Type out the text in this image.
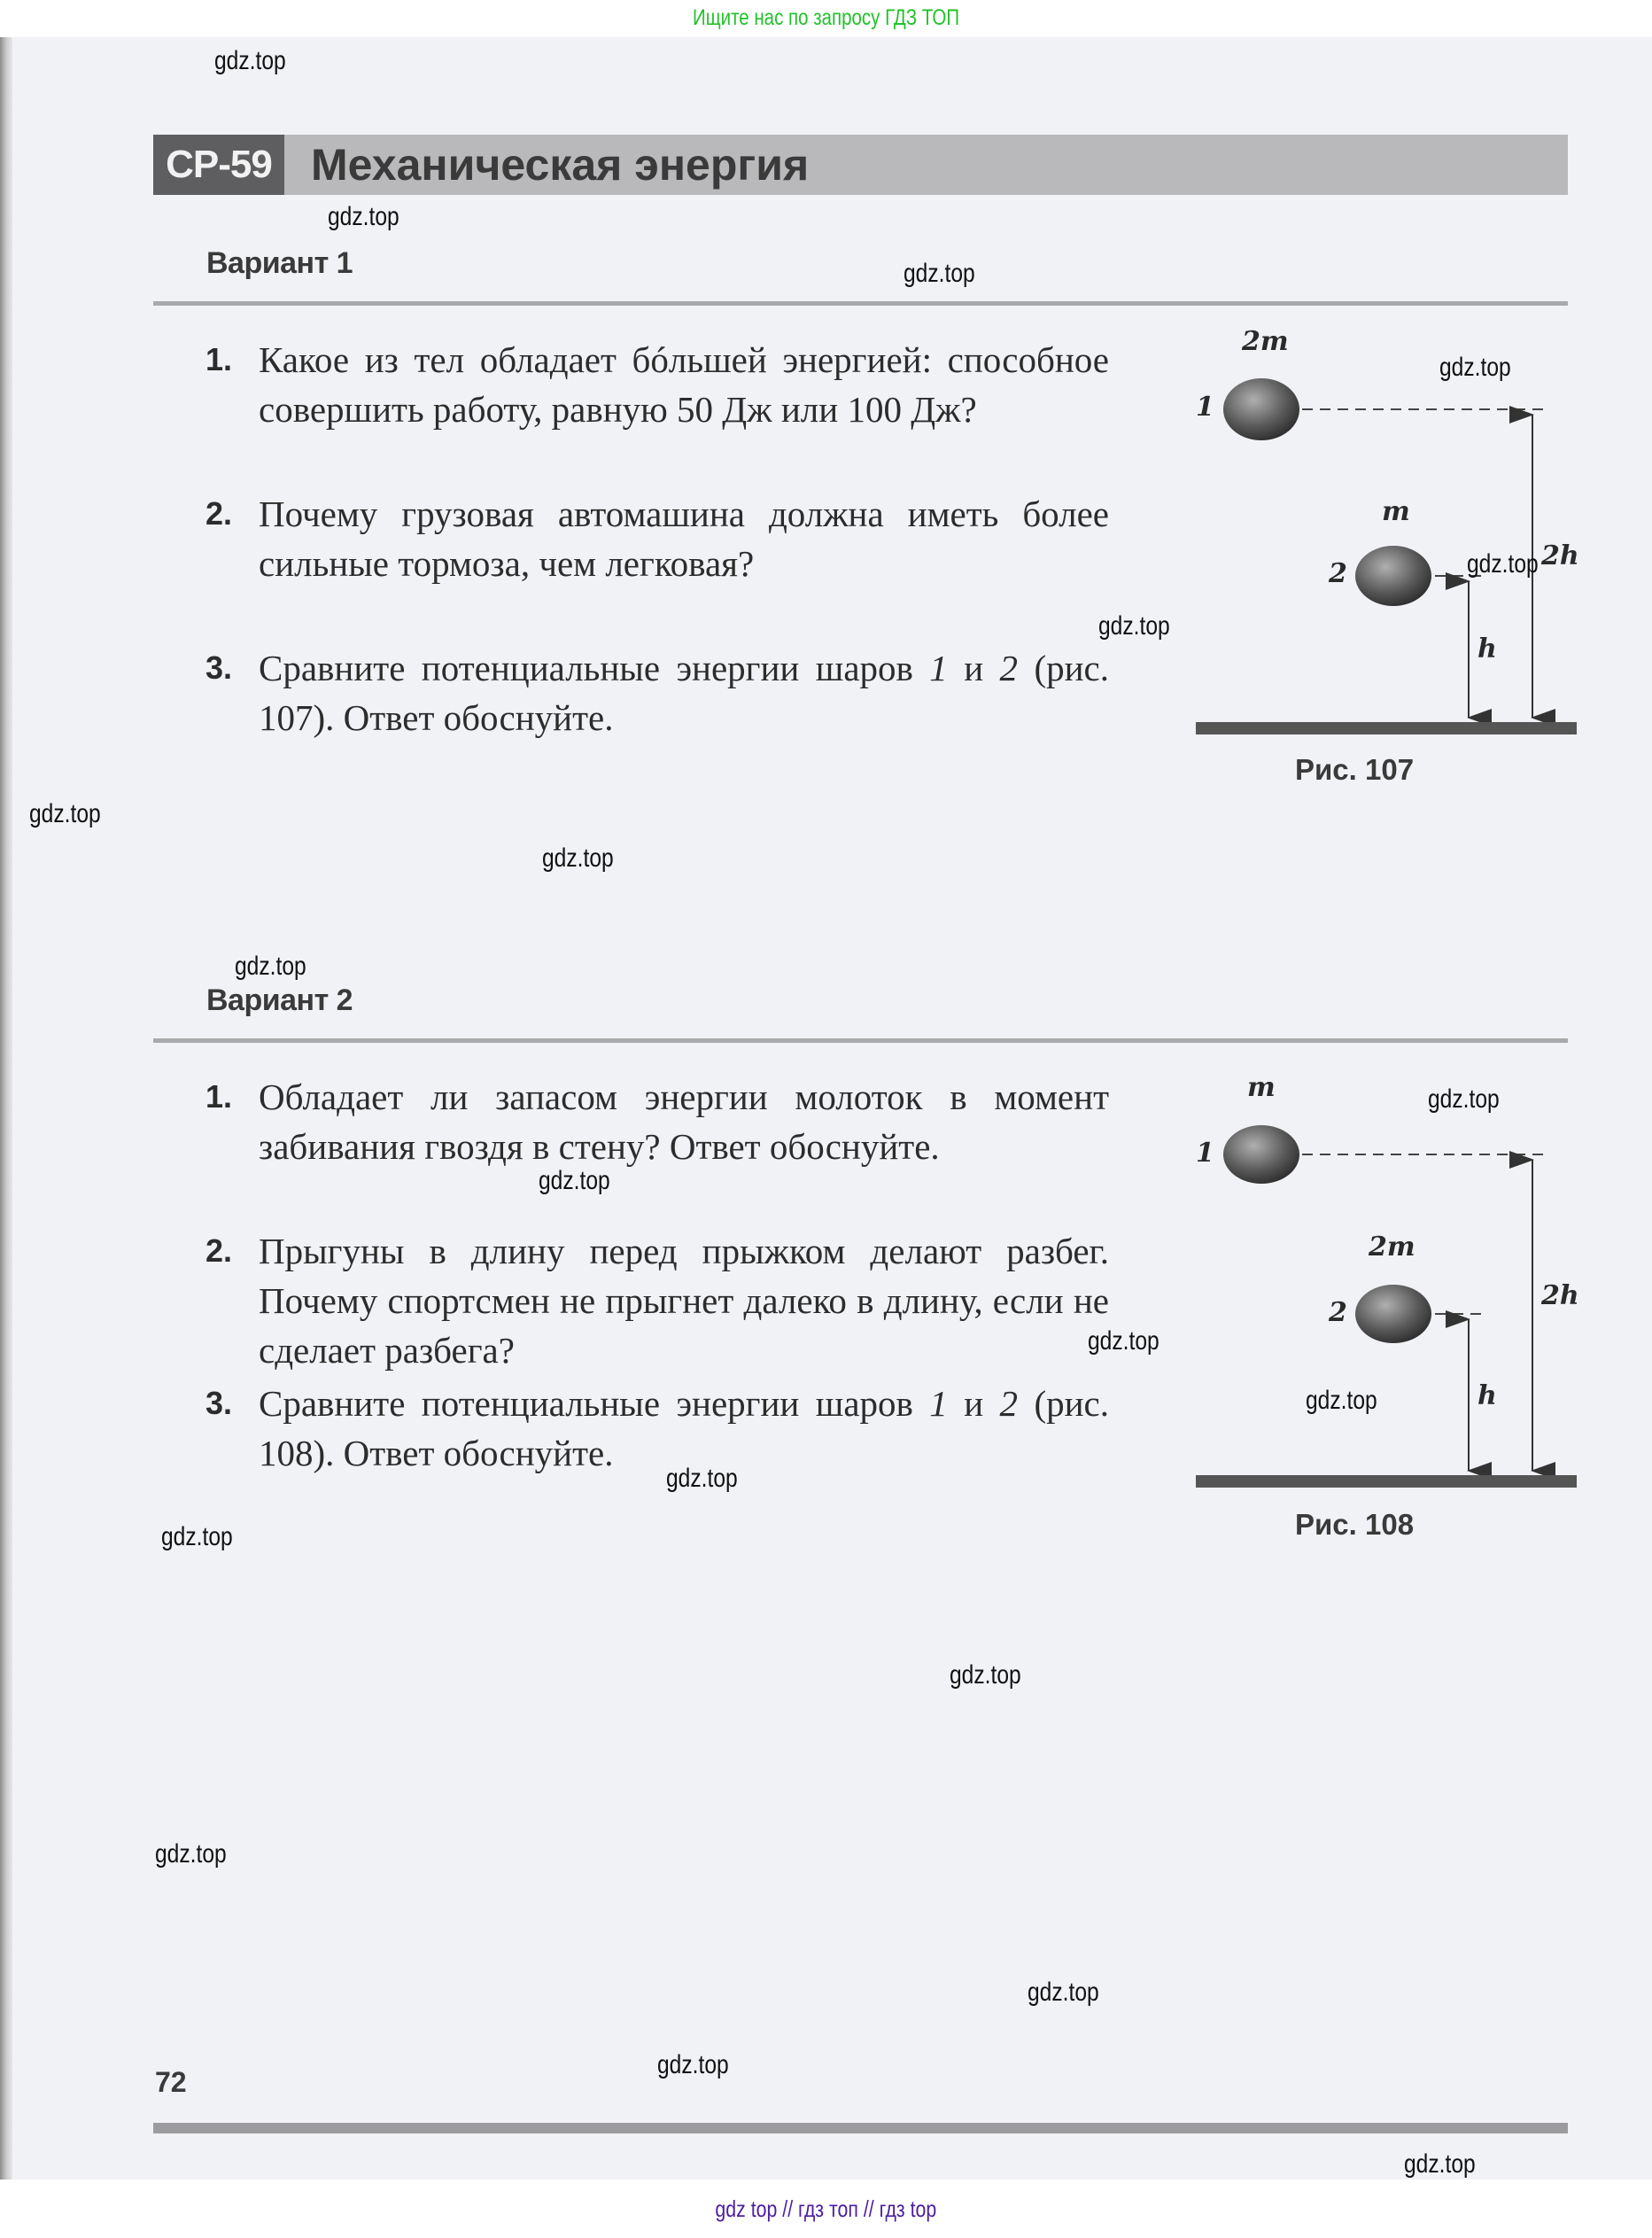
Ищите нас по запросу ГДЗ ТОП
СР-59 Механическая энергия
Вариант 1
1. Какое из тел обладает бóльшей энергией: способное совершить работу, равную 50 Дж или 100 Дж?
2. Почему грузовая автомашина должна иметь более сильные тормоза, чем легковая?
3. Сравните потенциальные энергии шаров 1 и 2 (рис. 107). Ответ обоснуйте.
2m
1
m
2
2h
h
Рис. 107
Вариант 2
1. Обладает ли запасом энергии молоток в момент забивания гвоздя в стену? Ответ обоснуйте.
2. Прыгуны в длину перед прыжком делают разбег. Почему спортсмен не прыгнет далеко в длину, если не сделает разбега?
3. Сравните потенциальные энергии шаров 1 и 2 (рис. 108). Ответ обоснуйте.
m
1
2m
2
2h
h
Рис. 108
72
gdz.top
gdz.top
gdz.top
gdz.top
gdz.top
gdz.top
gdz.top
gdz.top
gdz.top
gdz.top
gdz.top
gdz.top
gdz.top
gdz.top
gdz.top
gdz.top
gdz.top
gdz.top
gdz.top
gdz.top
gdz top // гдз топ // гдз top
